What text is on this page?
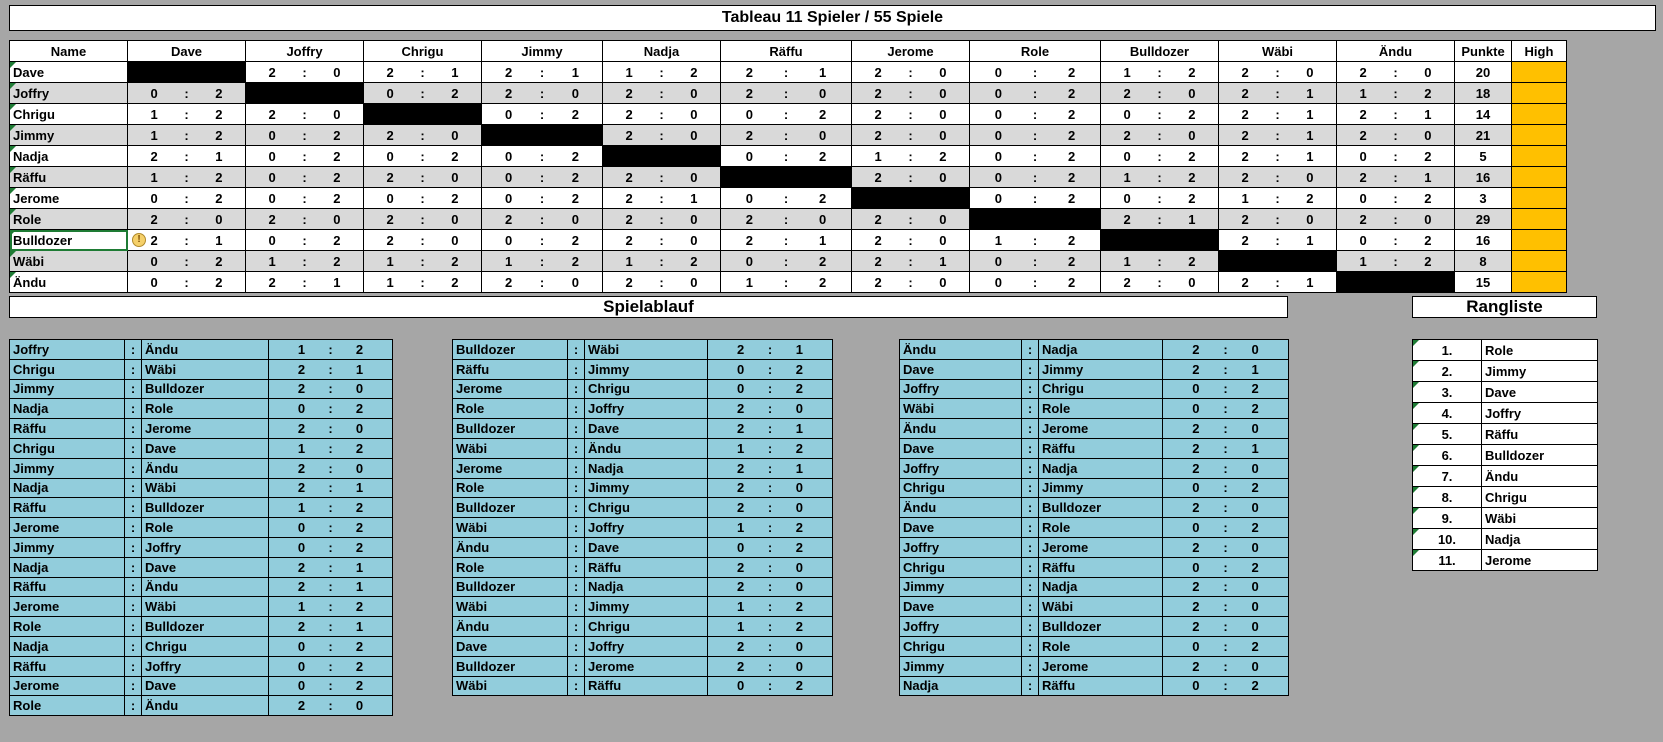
Tableau 11 Spieler / 55 Spiele
Name	Dave	Joffry	Chrigu	Jimmy	Nadja	Räffu	Jerome	Role	Bulldozer	Wäbi	Ändu	Punkte	High

Dave		2 : 0	2 : 1	2 : 1	1 : 2	2 : 1	2 : 0	0 : 2	1 : 2	2 : 0	2 : 0	20	

Joffry	0 : 2		0 : 2	2 : 0	2 : 0	2 : 0	2 : 0	0 : 2	2 : 0	2 : 1	1 : 2	18	

Chrigu	1 : 2	2 : 0		0 : 2	2 : 0	0 : 2	2 : 0	0 : 2	0 : 2	2 : 1	2 : 1	14	

Jimmy	1 : 2	0 : 2	2 : 0		2 : 0	2 : 0	2 : 0	0 : 2	2 : 0	2 : 1	2 : 0	21	

Nadja	2 : 1	0 : 2	0 : 2	0 : 2		0 : 2	1 : 2	0 : 2	0 : 2	2 : 1	0 : 2	5	

Räffu	1 : 2	0 : 2	2 : 0	0 : 2	2 : 0		2 : 0	0 : 2	1 : 2	2 : 0	2 : 1	16	

Jerome	0 : 2	0 : 2	0 : 2	0 : 2	2 : 1	0 : 2		0 : 2	0 : 2	1 : 2	0 : 2	3	

Role	2 : 0	2 : 0	2 : 0	2 : 0	2 : 0	2 : 0	2 : 0		2 : 1	2 : 0	2 : 0	29	

Bulldozer	! 2 : 1	0 : 2	2 : 0	0 : 2	2 : 0	2 : 1	2 : 0	1 : 2		2 : 1	0 : 2	16	

Wäbi	0 : 2	1 : 2	1 : 2	1 : 2	1 : 2	0 : 2	2 : 1	0 : 2	1 : 2		1 : 2	8	

Ändu	0 : 2	2 : 1	1 : 2	2 : 0	2 : 0	1 : 2	2 : 0	0 : 2	2 : 0	2 : 1		15	
Spielablauf	Rangliste
Joffry	:	Ändu	1 : 2

Chrigu	:	Wäbi	2 : 1

Jimmy	:	Bulldozer	2 : 0

Nadja	:	Role	0 : 2

Räffu	:	Jerome	2 : 0

Chrigu	:	Dave	1 : 2

Jimmy	:	Ändu	2 : 0

Nadja	:	Wäbi	2 : 1

Räffu	:	Bulldozer	1 : 2

Jerome	:	Role	0 : 2

Jimmy	:	Joffry	0 : 2

Nadja	:	Dave	2 : 1

Räffu	:	Ändu	2 : 1

Jerome	:	Wäbi	1 : 2

Role	:	Bulldozer	2 : 1

Nadja	:	Chrigu	0 : 2

Räffu	:	Joffry	0 : 2

Jerome	:	Dave	0 : 2

Role	:	Ändu	2 : 0
Bulldozer	:	Wäbi	2 : 1

Räffu	:	Jimmy	0 : 2

Jerome	:	Chrigu	0 : 2

Role	:	Joffry	2 : 0

Bulldozer	:	Dave	2 : 1

Wäbi	:	Ändu	1 : 2

Jerome	:	Nadja	2 : 1

Role	:	Jimmy	2 : 0

Bulldozer	:	Chrigu	2 : 0

Wäbi	:	Joffry	1 : 2

Ändu	:	Dave	0 : 2

Role	:	Räffu	2 : 0

Bulldozer	:	Nadja	2 : 0

Wäbi	:	Jimmy	1 : 2

Ändu	:	Chrigu	1 : 2

Dave	:	Joffry	2 : 0

Bulldozer	:	Jerome	2 : 0

Wäbi	:	Räffu	0 : 2
Ändu	:	Nadja	2 : 0

Dave	:	Jimmy	2 : 1

Joffry	:	Chrigu	0 : 2

Wäbi	:	Role	0 : 2

Ändu	:	Jerome	2 : 0

Dave	:	Räffu	2 : 1

Joffry	:	Nadja	2 : 0

Chrigu	:	Jimmy	0 : 2

Ändu	:	Bulldozer	2 : 0

Dave	:	Role	0 : 2

Joffry	:	Jerome	2 : 0

Chrigu	:	Räffu	0 : 2

Jimmy	:	Nadja	2 : 0

Dave	:	Wäbi	2 : 0

Joffry	:	Bulldozer	2 : 0

Chrigu	:	Role	0 : 2

Jimmy	:	Jerome	2 : 0

Nadja	:	Räffu	0 : 2
1.	Role

2.	Jimmy

3.	Dave

4.	Joffry

5.	Räffu

6.	Bulldozer

7.	Ändu

8.	Chrigu

9.	Wäbi

10.	Nadja

11.	Jerome
